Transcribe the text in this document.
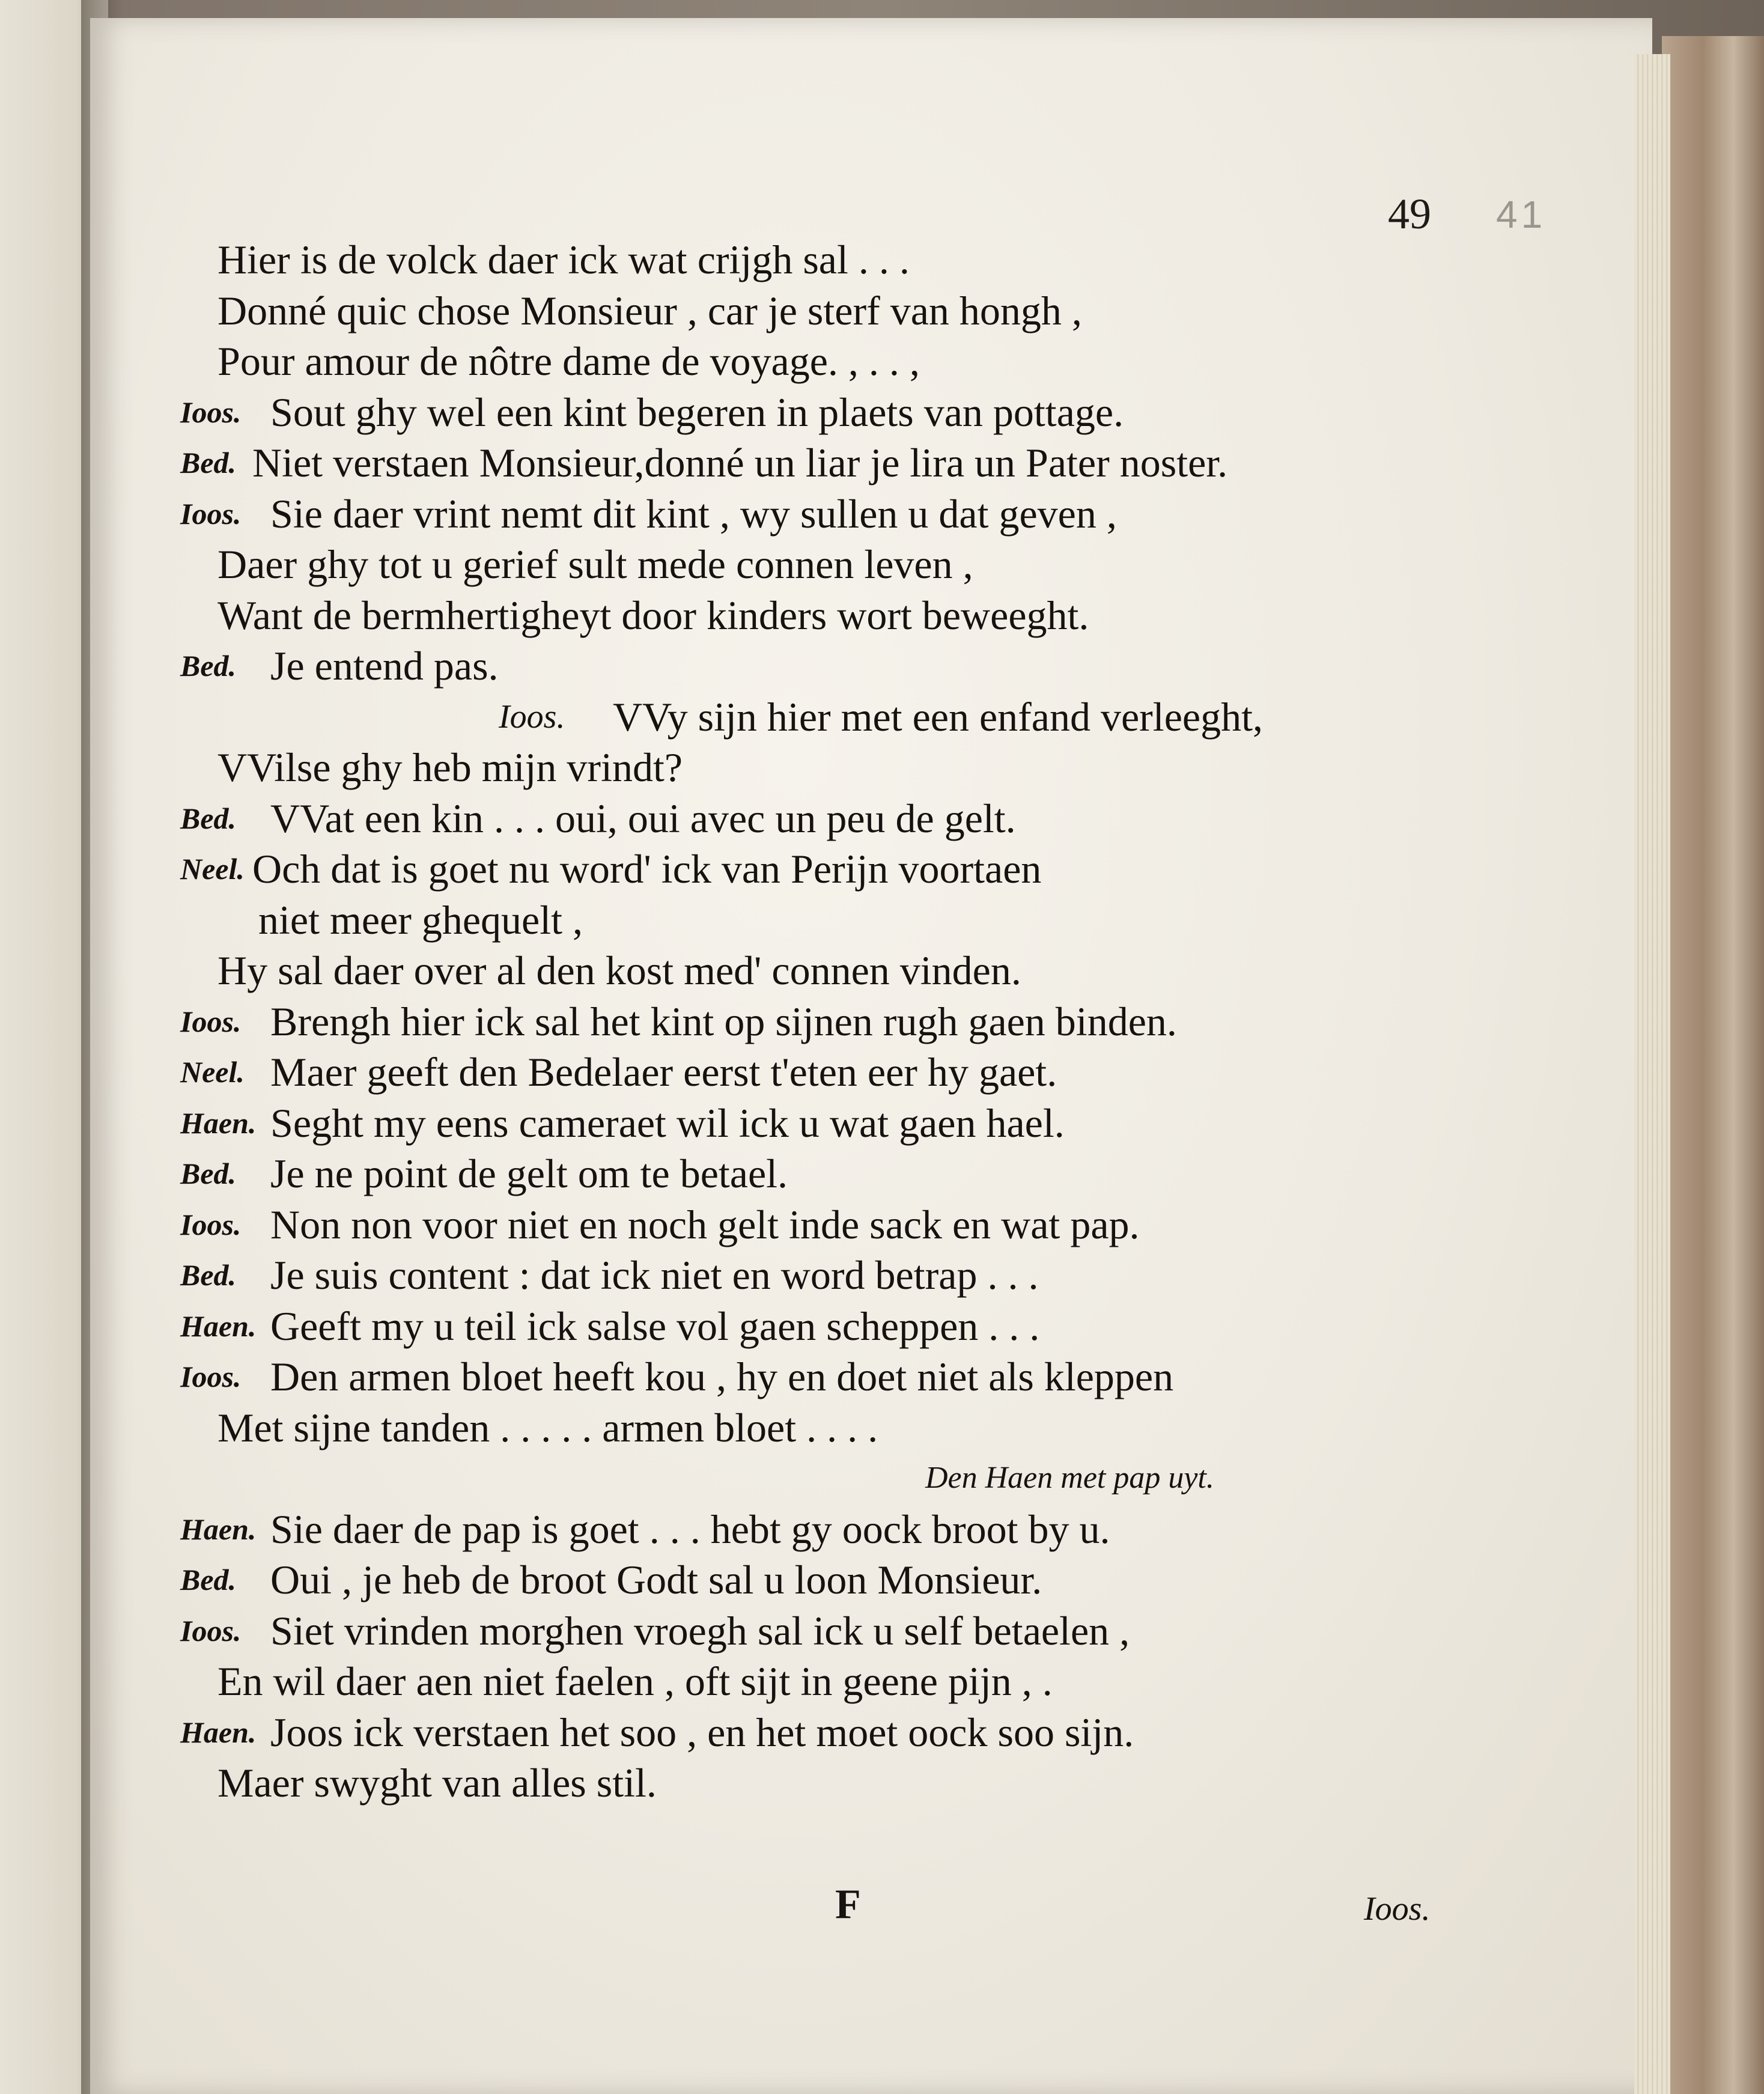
49 41
Hier is de volck daer ick wat crijgh sal . . .
Donné quic chose Monsieur , car je sterf van hongh ,
Pour amour de nôtre dame de voyage. , . . ,
Ioos. Sout ghy wel een kint begeren in plaets van pottage.
Bed. Niet verstaen Monsieur,donné un liar je lira un Pater noster.
Ioos. Sie daer vrint nemt dit kint , wy sullen u dat geven ,
Daer ghy tot u gerief sult mede connen leven ,
Want de bermhertigheyt door kinders wort beweeght.
Bed. Je entend pas.
Ioos. VVy sijn hier met een enfand verleeght,
VVilse ghy heb mijn vrindt?
Bed. VVat een kin . . . oui, oui avec un peu de gelt.
Neel. Och dat is goet nu word' ick van Perijn voortaen
niet meer ghequelt ,
Hy sal daer over al den kost med' connen vinden.
Ioos. Brengh hier ick sal het kint op sijnen rugh gaen binden.
Neel. Maer geeft den Bedelaer eerst t'eten eer hy gaet.
Haen. Seght my eens cameraet wil ick u wat gaen hael.
Bed. Je ne point de gelt om te betael.
Ioos. Non non voor niet en noch gelt inde sack en wat pap.
Bed. Je suis content : dat ick niet en word betrap . . .
Haen. Geeft my u teil ick salse vol gaen scheppen . . .
Ioos. Den armen bloet heeft kou , hy en doet niet als kleppen
Met sijne tanden . . . . . armen bloet . . . .
Den Haen met pap uyt.
Haen. Sie daer de pap is goet . . . hebt gy oock broot by u.
Bed. Oui , je heb de broot Godt sal u loon Monsieur.
Ioos. Siet vrinden morghen vroegh sal ick u self betaelen ,
En wil daer aen niet faelen , oft sijt in geene pijn , .
Haen. Joos ick verstaen het soo , en het moet oock soo sijn.
Maer swyght van alles stil.
F	Ioos.
